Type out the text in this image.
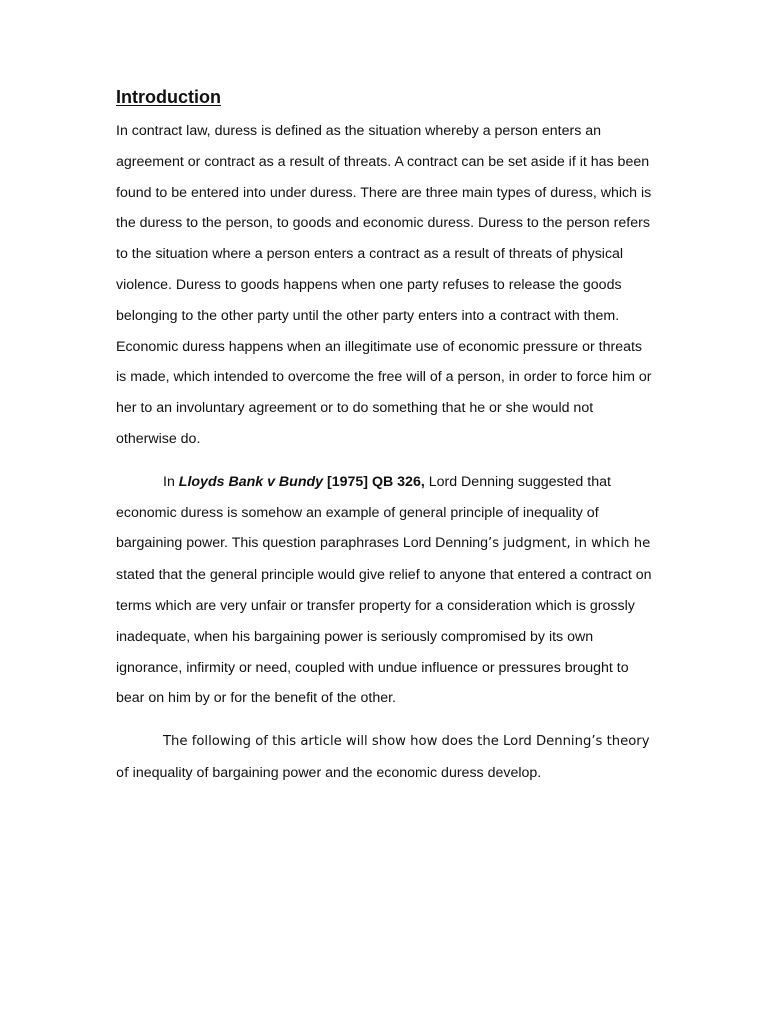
Introduction

In contract law, duress is defined as the situation whereby a person enters an agreement or contract as a result of threats. A contract can be set aside if it has been found to be entered into under duress. There are three main types of duress, which is the duress to the person, to goods and economic duress. Duress to the person refers to the situation where a person enters a contract as a result of threats of physical violence. Duress to goods happens when one party refuses to release the goods belonging to the other party until the other party enters into a contract with them. Economic duress happens when an illegitimate use of economic pressure or threats is made, which intended to overcome the free will of a person, in order to force him or her to an involuntary agreement or to do something that he or she would not otherwise do.

In Lloyds Bank v Bundy [1975] QB 326, Lord Denning suggested that economic duress is somehow an example of general principle of inequality of bargaining power. This question paraphrases Lord Denning’s judgment, in which he stated that the general principle would give relief to anyone that entered a contract on terms which are very unfair or transfer property for a consideration which is grossly inadequate, when his bargaining power is seriously compromised by its own ignorance, infirmity or need, coupled with undue influence or pressures brought to bear on him by or for the benefit of the other.

The following of this article will show how does the Lord Denning’s theory of inequality of bargaining power and the economic duress develop.
